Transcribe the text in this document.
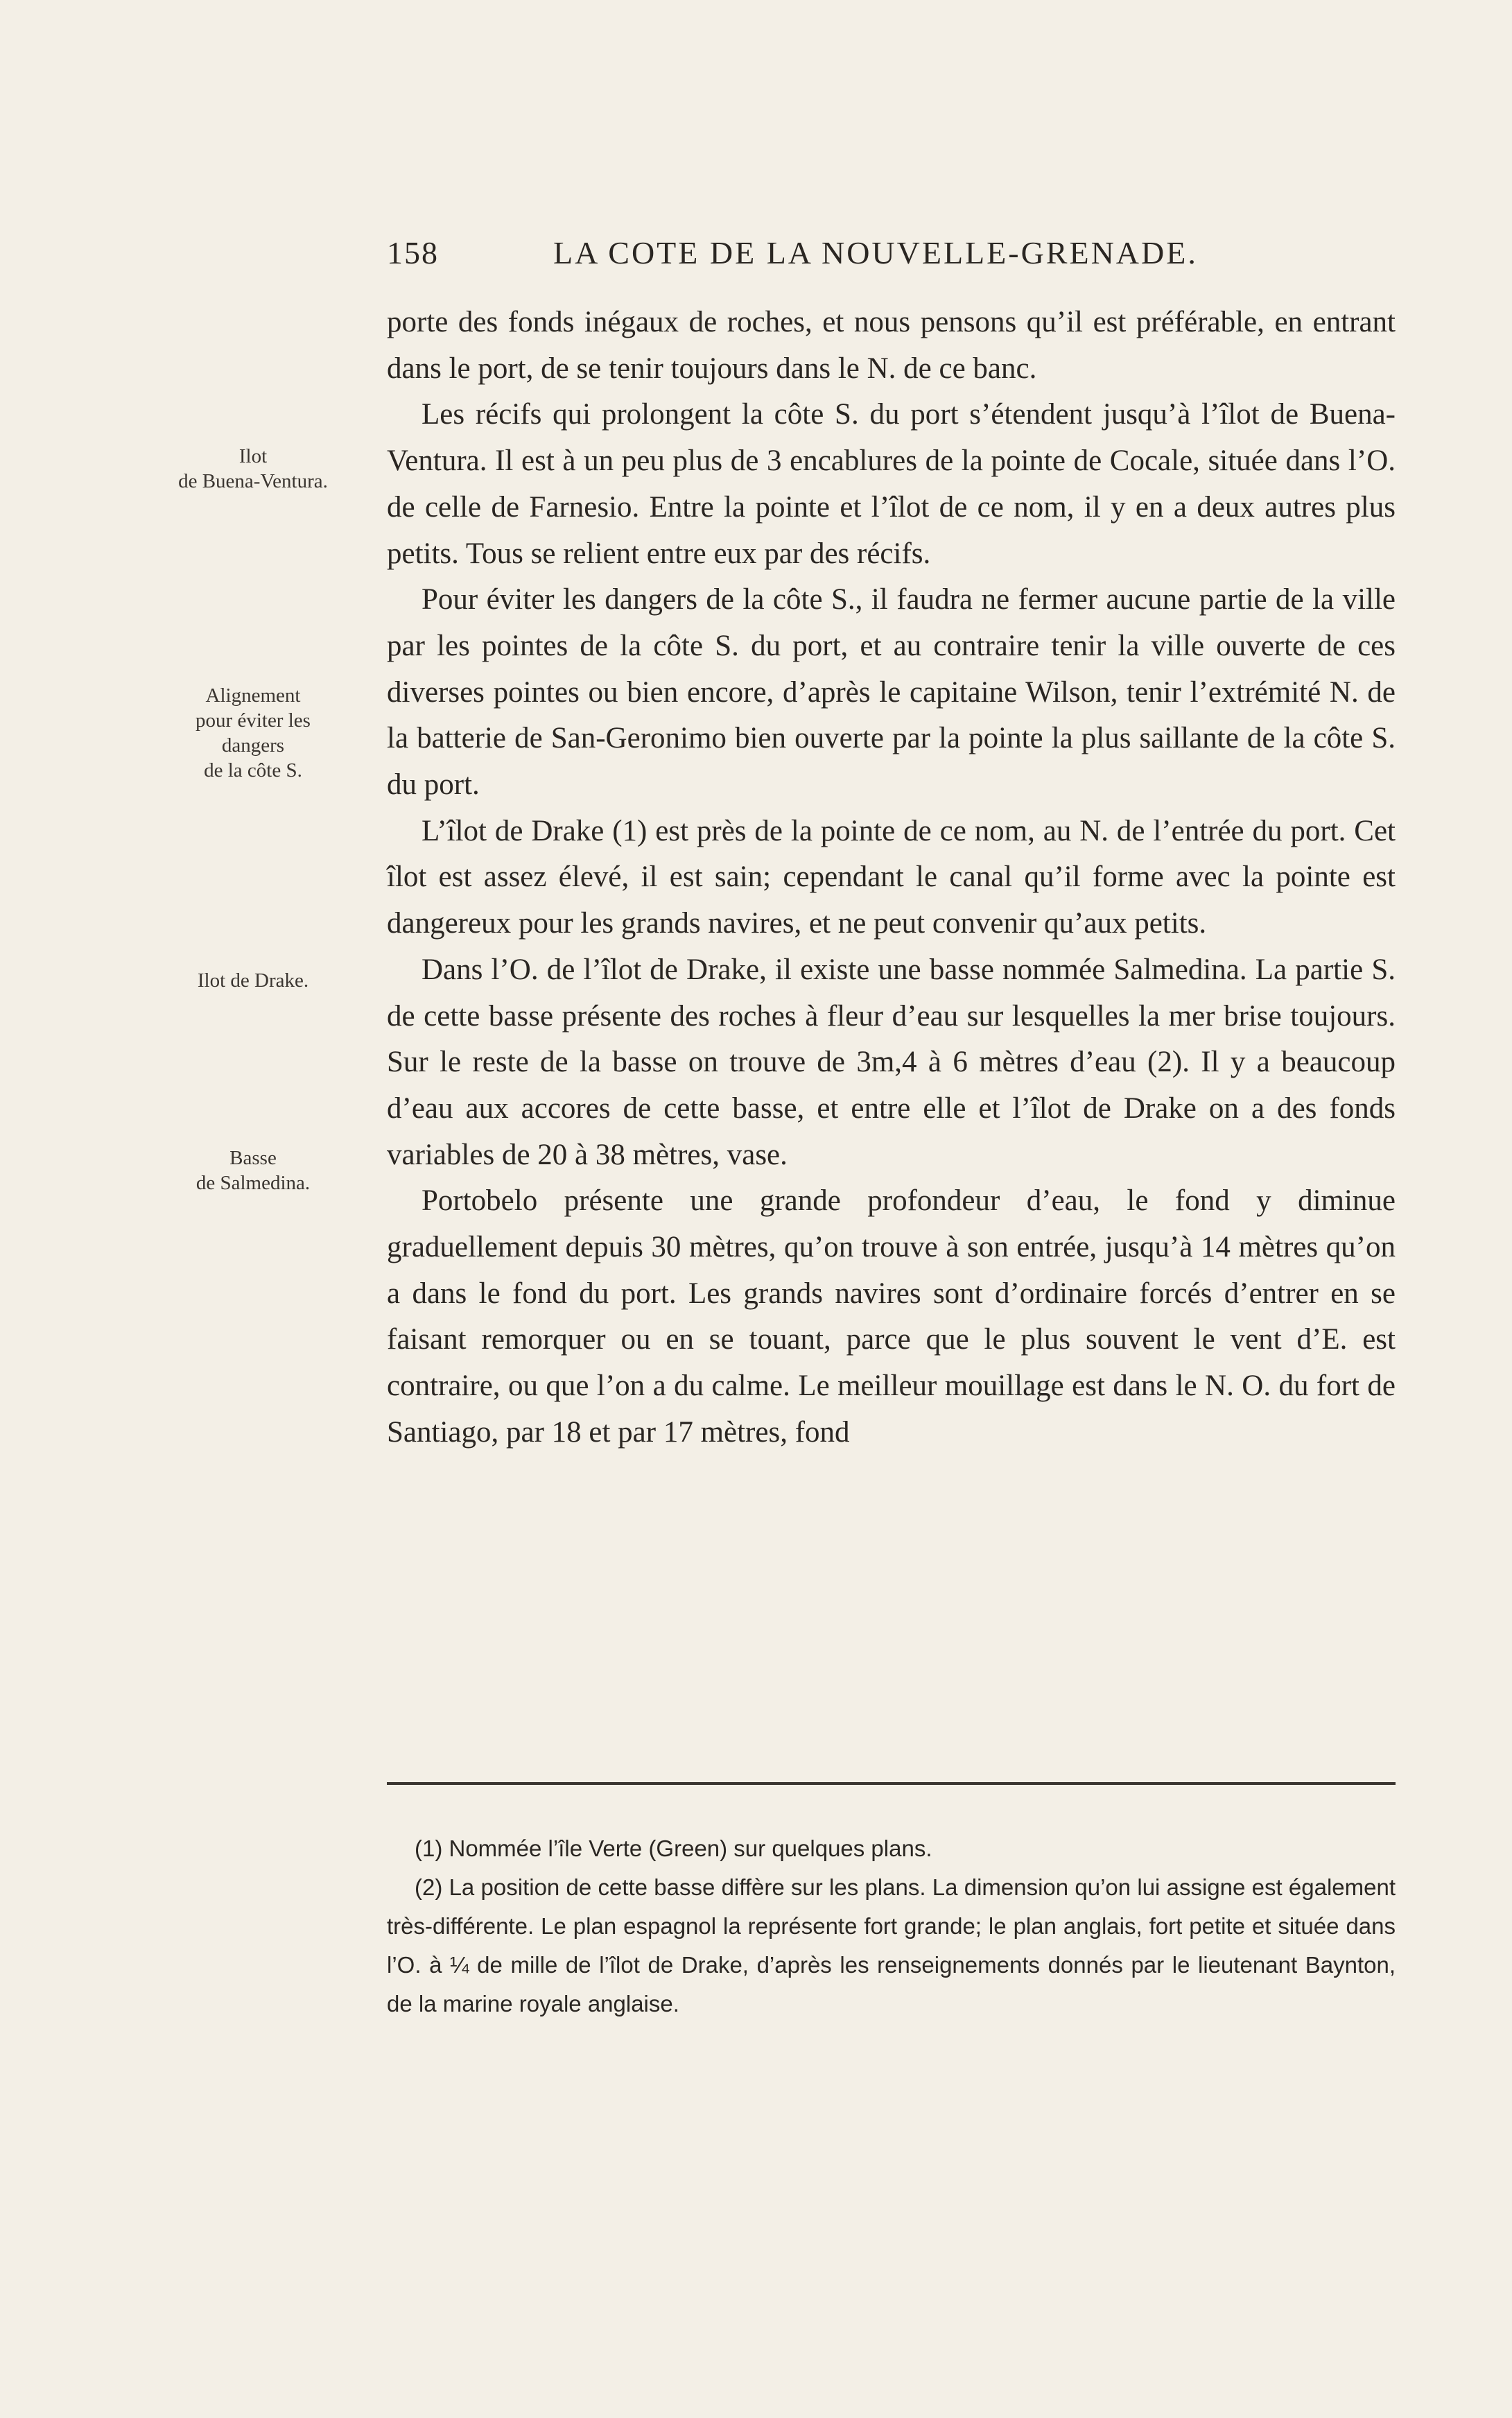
158	LA COTE DE LA NOUVELLE-GRENADE.
Ilot
de Buena-Ventura.
Alignement
pour éviter les
dangers
de la côte S.
Ilot de Drake.
Basse
de Salmedina.

porte des fonds inégaux de roches, et nous pensons qu’il est préférable, en entrant dans le port, de se tenir toujours dans le N. de ce banc.

Les récifs qui prolongent la côte S. du port s’étendent jusqu’à l’îlot de Buena-Ventura. Il est à un peu plus de 3 encablures de la pointe de Cocale, située dans l’O. de celle de Farnesio. Entre la pointe et l’îlot de ce nom, il y en a deux autres plus petits. Tous se relient entre eux par des récifs.

Pour éviter les dangers de la côte S., il faudra ne fermer aucune partie de la ville par les pointes de la côte S. du port, et au contraire tenir la ville ouverte de ces diverses pointes ou bien encore, d’après le capitaine Wilson, tenir l’extrémité N. de la batterie de San-Geronimo bien ouverte par la pointe la plus saillante de la côte S. du port.

L’îlot de Drake (1) est près de la pointe de ce nom, au N. de l’entrée du port. Cet îlot est assez élevé, il est sain; cependant le canal qu’il forme avec la pointe est dangereux pour les grands navires, et ne peut convenir qu’aux petits.

Dans l’O. de l’îlot de Drake, il existe une basse nommée Salmedina. La partie S. de cette basse présente des roches à fleur d’eau sur lesquelles la mer brise toujours. Sur le reste de la basse on trouve de 3m,4 à 6 mètres d’eau (2). Il y a beaucoup d’eau aux accores de cette basse, et entre elle et l’îlot de Drake on a des fonds variables de 20 à 38 mètres, vase.

Portobelo présente une grande profondeur d’eau, le fond y diminue graduellement depuis 30 mètres, qu’on trouve à son entrée, jusqu’à 14 mètres qu’on a dans le fond du port. Les grands navires sont d’ordinaire forcés d’entrer en se faisant remorquer ou en se touant, parce que le plus souvent le vent d’E. est contraire, ou que l’on a du calme. Le meilleur mouillage est dans le N. O. du fort de Santiago, par 18 et par 17 mètres, fond

(1) Nommée l’île Verte (Green) sur quelques plans.

(2) La position de cette basse diffère sur les plans. La dimension qu’on lui assigne est également très-différente. Le plan espagnol la représente fort grande; le plan anglais, fort petite et située dans l’O. à ¼ de mille de l’îlot de Drake, d’après les renseignements donnés par le lieutenant Baynton, de la marine royale anglaise.
